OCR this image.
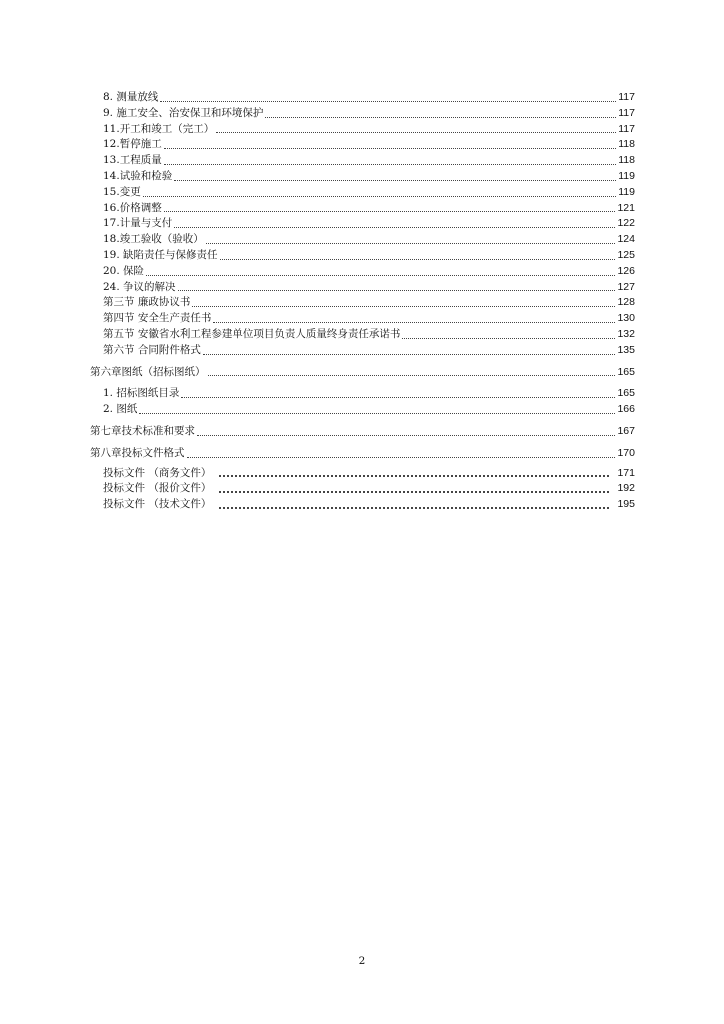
8. 测量放线	117
9. 施工安全、治安保卫和环境保护	117
11.开工和竣工（完工）	117
12.暂停施工	118
13.工程质量	118
14.试验和检验	119
15.变更	119
16.价格调整	121
17.计量与支付	122
18.竣工验收（验收）	124
19. 缺陷责任与保修责任	125
20. 保险	126
24. 争议的解决	127
第三节 廉政协议书	128
第四节 安全生产责任书	130
第五节 安徽省水利工程参建单位项目负责人质量终身责任承诺书	132
第六节 合同附件格式	135
第六章图纸（招标图纸）	165
1. 招标图纸目录	165
2. 图纸	166
第七章技术标准和要求	167
第八章投标文件格式	170
投标文件 （商务文件）	171
投标文件 （报价文件）	192
投标文件 （技术文件）	195
2
